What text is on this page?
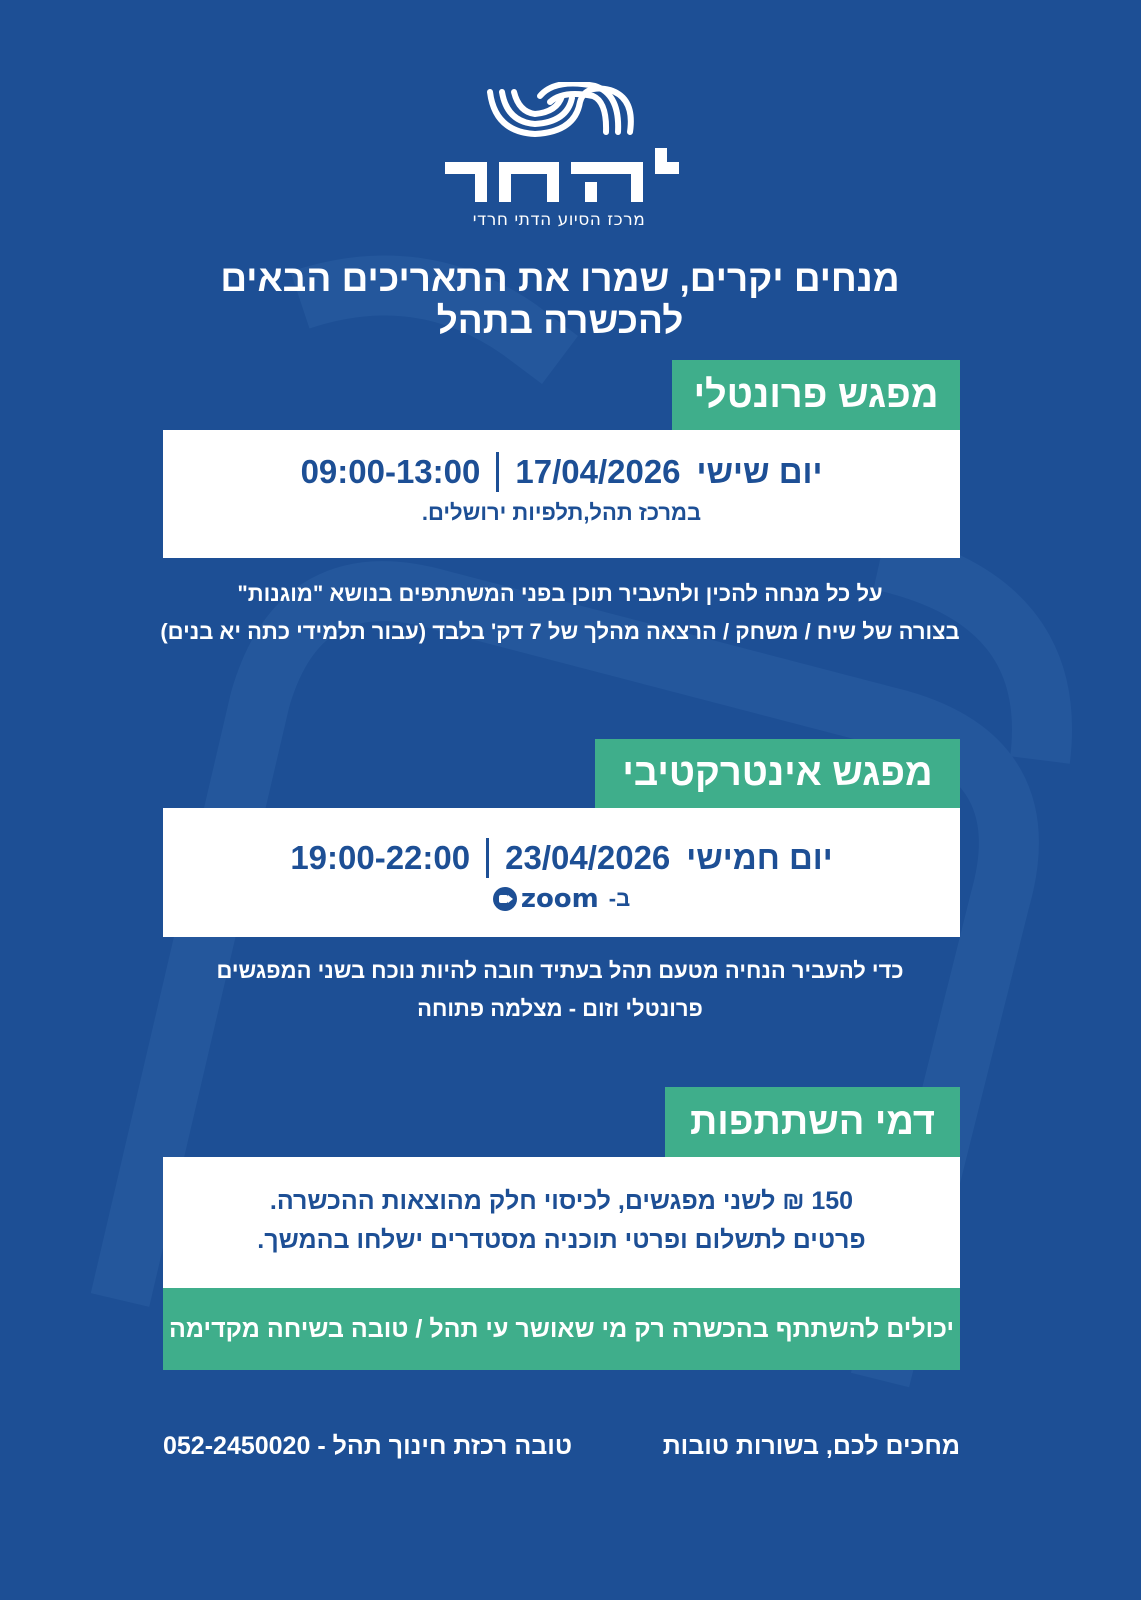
מרכז הסיוע הדתי חרדי
מנחים יקרים, שמרו את התאריכים הבאים להכשרה בתהל
מפגש פרונטלי
יום שישי
17/04/2026
09:00-13:00
במרכז תהל,תלפיות ירושלים.
על כל מנחה להכין ולהעביר תוכן בפני המשתתפים בנושא "מוגנות"
בצורה של שיח / משחק / הרצאה מהלך של 7 דק' בלבד (עבור תלמידי כתה יא בנים)
מפגש אינטרקטיבי
יום חמישי
23/04/2026
19:00-22:00
ב-
zoom
כדי להעביר הנחיה מטעם תהל בעתיד חובה להיות נוכח בשני המפגשים
פרונטלי וזום - מצלמה פתוחה
דמי השתתפות
150 ₪ לשני מפגשים, לכיסוי חלק מהוצאות ההכשרה.
פרטים לתשלום ופרטי תוכניה מסטדרים ישלחו בהמשך.
יכולים להשתתף בהכשרה רק מי שאושר עי תהל / טובה בשיחה מקדימה
מחכים לכם, בשורות טובות
טובה רכזת חינוך תהל - 052-2450020
